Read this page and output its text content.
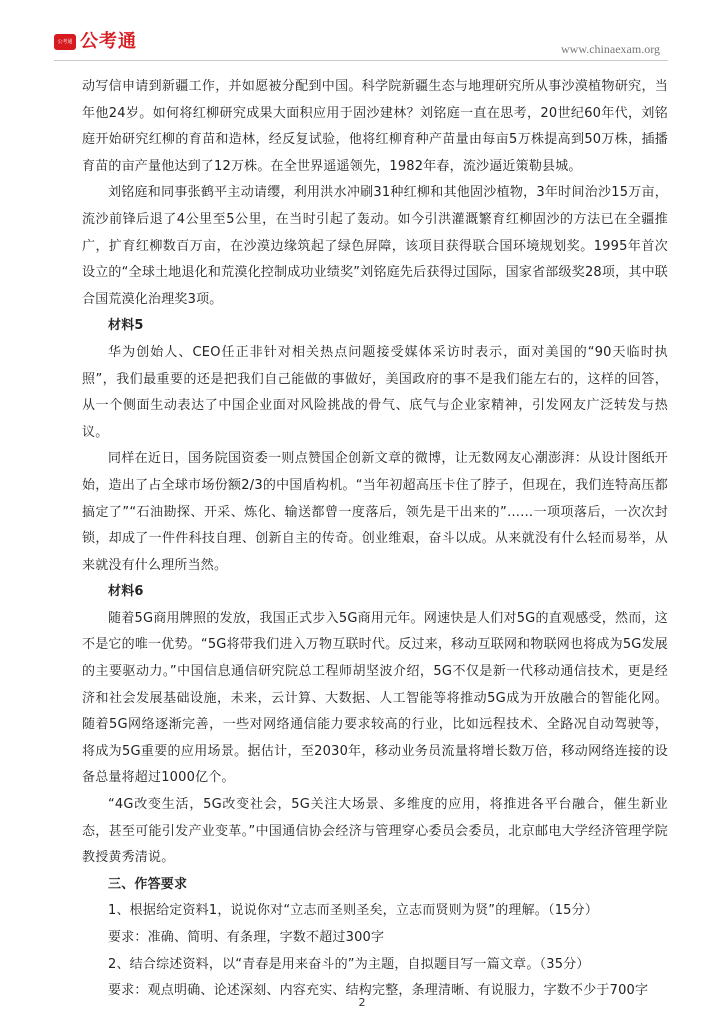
公考通 公考通	www.chinaexam.org

动写信申请到新疆工作，并如愿被分配到中国。科学院新疆生态与地理研究所从事沙漠植物研究，当年他24岁。如何将红柳研究成果大面积应用于固沙建林？刘铭庭一直在思考，20世纪60年代，刘铭庭开始研究红柳的育苗和造林，经反复试验，他将红柳育种产苗量由每亩5万株提高到50万株，插播育苗的亩产量他达到了12万株。在全世界遥遥领先，1982年春，流沙逼近策勒县城。

刘铭庭和同事张鹤平主动请缨，利用洪水冲刷31种红柳和其他固沙植物，3年时间治沙15万亩，流沙前锋后退了4公里至5公里，在当时引起了轰动。如今引洪灌溉繁育红柳固沙的方法已在全疆推广，扩育红柳数百万亩，在沙漠边缘筑起了绿色屏障，该项目获得联合国环境规划奖。1995年首次设立的“全球土地退化和荒漠化控制成功业绩奖”刘铭庭先后获得过国际，国家省部级奖28项，其中联合国荒漠化治理奖3项。

材料5

华为创始人、CEO任正非针对相关热点问题接受媒体采访时表示，面对美国的“90天临时执照”，我们最重要的还是把我们自己能做的事做好，美国政府的事不是我们能左右的，这样的回答，从一个侧面生动表达了中国企业面对风险挑战的骨气、底气与企业家精神，引发网友广泛转发与热议。

同样在近日，国务院国资委一则点赞国企创新文章的微博，让无数网友心潮澎湃：从设计图纸开始，造出了占全球市场份额2/3的中国盾构机。“当年初超高压卡住了脖子，但现在，我们连特高压都搞定了”“石油勘探、开采、炼化、输送都曾一度落后，领先是干出来的”……一项项落后，一次次封锁，却成了一件件科技自理、创新自主的传奇。创业维艰，奋斗以成。从来就没有什么轻而易举，从来就没有什么理所当然。

材料6

随着5G商用牌照的发放，我国正式步入5G商用元年。网速快是人们对5G的直观感受，然而，这不是它的唯一优势。“5G将带我们进入万物互联时代。反过来，移动互联网和物联网也将成为5G发展的主要驱动力。”中国信息通信研究院总工程师胡坚波介绍，5G不仅是新一代移动通信技术，更是经济和社会发展基础设施，未来，云计算、大数据、人工智能等将推动5G成为开放融合的智能化网。随着5G网络逐渐完善，一些对网络通信能力要求较高的行业，比如远程技术、全路况自动驾驶等，将成为5G重要的应用场景。据估计，至2030年，移动业务员流量将增长数万倍，移动网络连接的设备总量将超过1000亿个。

“4G改变生活，5G改变社会，5G关注大场景、多维度的应用，将推进各平台融合，催生新业态，甚至可能引发产业变革。”中国通信协会经济与管理穿心委员会委员，北京邮电大学经济管理学院教授黄秀清说。

三、作答要求

1、根据给定资料1，说说你对“立志而圣则圣矣，立志而贤则为贤”的理解。（15分）

要求：准确、简明、有条理，字数不超过300字

2、结合综述资料，以“青春是用来奋斗的”为主题，自拟题目写一篇文章。（35分）

要求：观点明确、论述深刻、内容充实、结构完整，条理清晰、有说服力，字数不少于700字

2
